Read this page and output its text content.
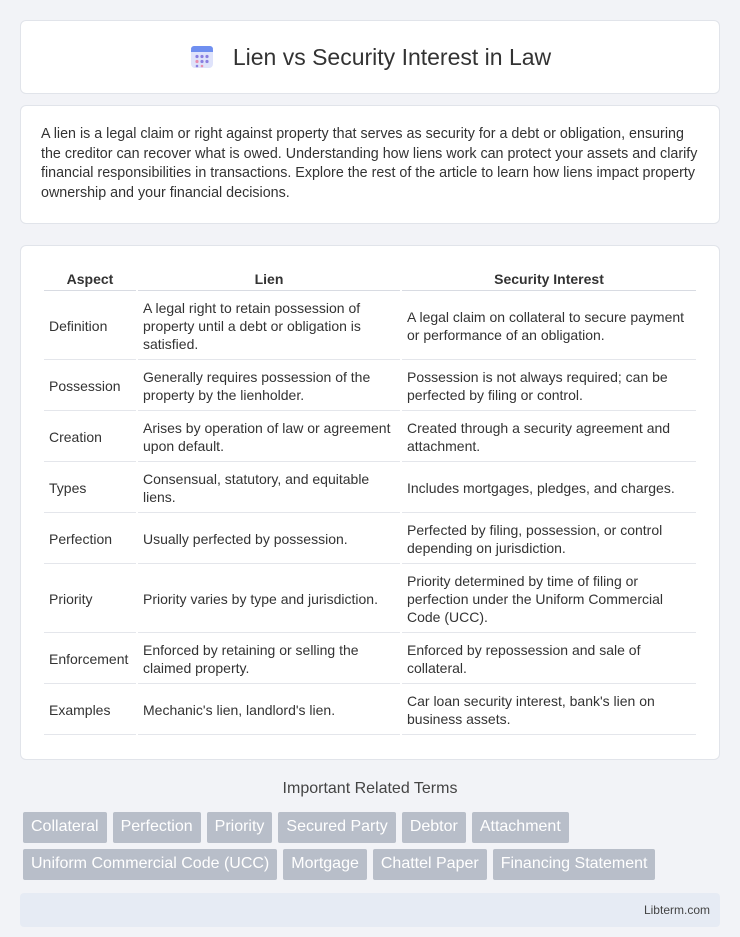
Lien vs Security Interest in Law

A lien is a legal claim or right against property that serves as security for a debt or obligation, ensuring the creditor can recover what is owed. Understanding how liens work can protect your assets and clarify financial responsibilities in transactions. Explore the rest of the article to learn how liens impact property ownership and your financial decisions.

Aspect	Lien	Security Interest
Definition	A legal right to retain possession of property until a debt or obligation is satisfied.	A legal claim on collateral to secure payment or performance of an obligation.
Possession	Generally requires possession of the property by the lienholder.	Possession is not always required; can be perfected by filing or control.
Creation	Arises by operation of law or agreement upon default.	Created through a security agreement and attachment.
Types	Consensual, statutory, and equitable liens.	Includes mortgages, pledges, and charges.
Perfection	Usually perfected by possession.	Perfected by filing, possession, or control depending on jurisdiction.
Priority	Priority varies by type and jurisdiction.	Priority determined by time of filing or perfection under the Uniform Commercial Code (UCC).
Enforcement	Enforced by retaining or selling the claimed property.	Enforced by repossession and sale of collateral.
Examples	Mechanic's lien, landlord's lien.	Car loan security interest, bank's lien on business assets.
Important Related Terms
Collateral	Perfection	Priority	Secured Party	Debtor	Attachment
Uniform Commercial Code (UCC)	Mortgage	Chattel Paper	Financing Statement
Libterm.com
